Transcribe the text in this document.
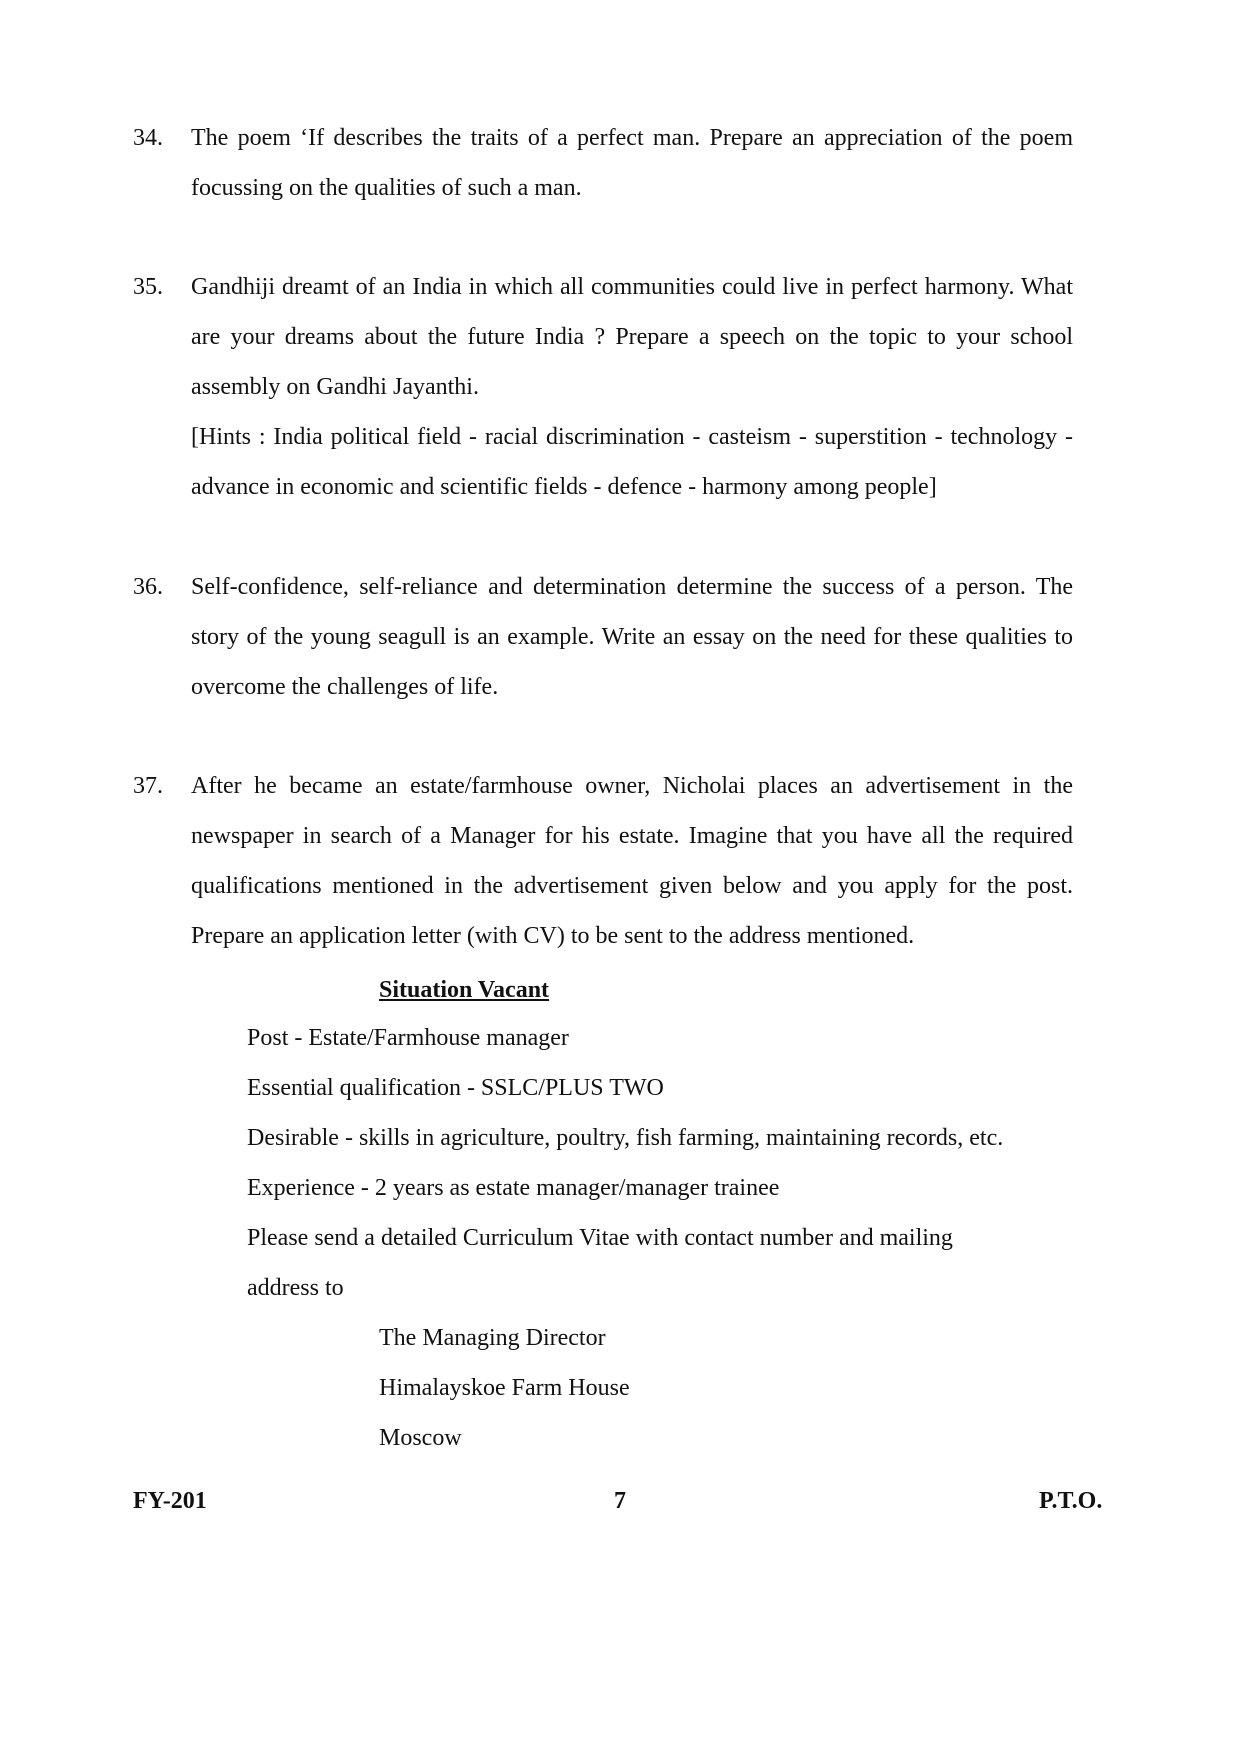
34.	The poem ‘If describes the traits of a perfect man. Prepare an appreciation of the poem focussing on the qualities of such a man.
35.	Gandhiji dreamt of an India in which all communities could live in perfect harmony. What are your dreams about the future India ? Prepare a speech on the topic to your school assembly on Gandhi Jayanthi.
[Hints : India political field - racial discrimination - casteism - superstition - technology - advance in economic and scientific fields - defence - harmony among people]
36.	Self-confidence, self-reliance and determination determine the success of a person. The story of the young seagull is an example. Write an essay on the need for these qualities to overcome the challenges of life.
37.	After he became an estate/farmhouse owner, Nicholai places an advertisement in the newspaper in search of a Manager for his estate. Imagine that you have all the required qualifications mentioned in the advertisement given below and you apply for the post. Prepare an application letter (with CV) to be sent to the address mentioned.
Situation Vacant
Post - Estate/Farmhouse manager
Essential qualification - SSLC/PLUS TWO
Desirable - skills in agriculture, poultry, fish farming, maintaining records, etc.
Experience - 2 years as estate manager/manager trainee
Please send a detailed Curriculum Vitae with contact number and mailing
address to
The Managing Director
Himalayskoe Farm House
Moscow
FY-201	7	P.T.O.
